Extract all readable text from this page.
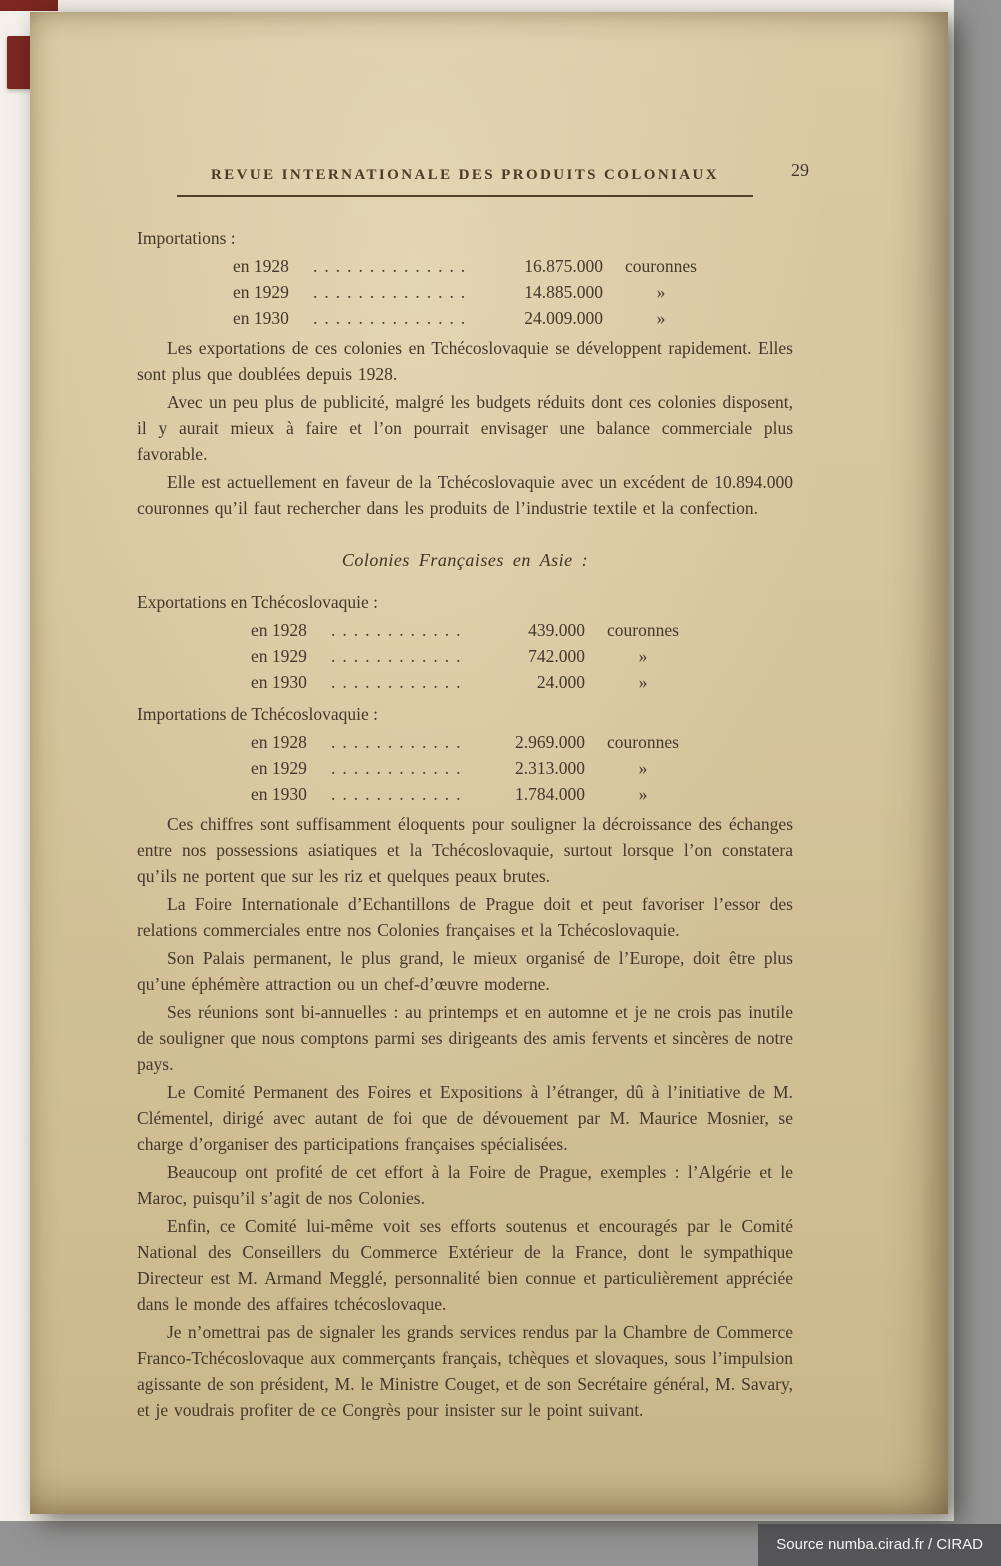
REVUE INTERNATIONALE DES PRODUITS COLONIAUX	29
Importations :
en 1928	..............	16.875.000	couronnes
en 1929	..............	14.885.000	»
en 1930	..............	24.009.000	»

Les exportations de ces colonies en Tchécoslovaquie se développent rapidement. Elles sont plus que doublées depuis 1928.

Avec un peu plus de publicité, malgré les budgets réduits dont ces colonies disposent, il y aurait mieux à faire et l’on pourrait envisager une balance commerciale plus favorable.

Elle est actuellement en faveur de la Tchécoslovaquie avec un excédent de 10.894.000 couronnes qu’il faut rechercher dans les produits de l’industrie textile et la confection.

Colonies Françaises en Asie :
Exportations en Tchécoslovaquie :
en 1928	............	439.000	couronnes
en 1929	............	742.000	»
en 1930	............	24.000	»
Importations de Tchécoslovaquie :
en 1928	............	2.969.000	couronnes
en 1929	............	2.313.000	»
en 1930	............	1.784.000	»

Ces chiffres sont suffisamment éloquents pour souligner la décroissance des échanges entre nos possessions asiatiques et la Tchécoslovaquie, surtout lorsque l’on constatera qu’ils ne portent que sur les riz et quelques peaux brutes.

La Foire Internationale d’Echantillons de Prague doit et peut favoriser l’essor des relations commerciales entre nos Colonies françaises et la Tchécoslovaquie.

Son Palais permanent, le plus grand, le mieux organisé de l’Europe, doit être plus qu’une éphémère attraction ou un chef-d’œuvre moderne.

Ses réunions sont bi-annuelles : au printemps et en automne et je ne crois pas inutile de souligner que nous comptons parmi ses dirigeants des amis fervents et sincères de notre pays.

Le Comité Permanent des Foires et Expositions à l’étranger, dû à l’initiative de M. Clémentel, dirigé avec autant de foi que de dévouement par M. Maurice Mosnier, se charge d’organiser des participations françaises spécialisées.

Beaucoup ont profité de cet effort à la Foire de Prague, exemples : l’Algérie et le Maroc, puisqu’il s’agit de nos Colonies.

Enfin, ce Comité lui-même voit ses efforts soutenus et encouragés par le Comité National des Conseillers du Commerce Extérieur de la France, dont le sympathique Directeur est M. Armand Megglé, personnalité bien connue et particulièrement appréciée dans le monde des affaires tchécoslovaque.

Je n’omettrai pas de signaler les grands services rendus par la Chambre de Commerce Franco-Tchécoslovaque aux commerçants français, tchèques et slovaques, sous l’impulsion agissante de son président, M. le Ministre Couget, et de son Secrétaire général, M. Savary, et je voudrais profiter de ce Congrès pour insister sur le point suivant.

Source numba.cirad.fr / CIRAD
